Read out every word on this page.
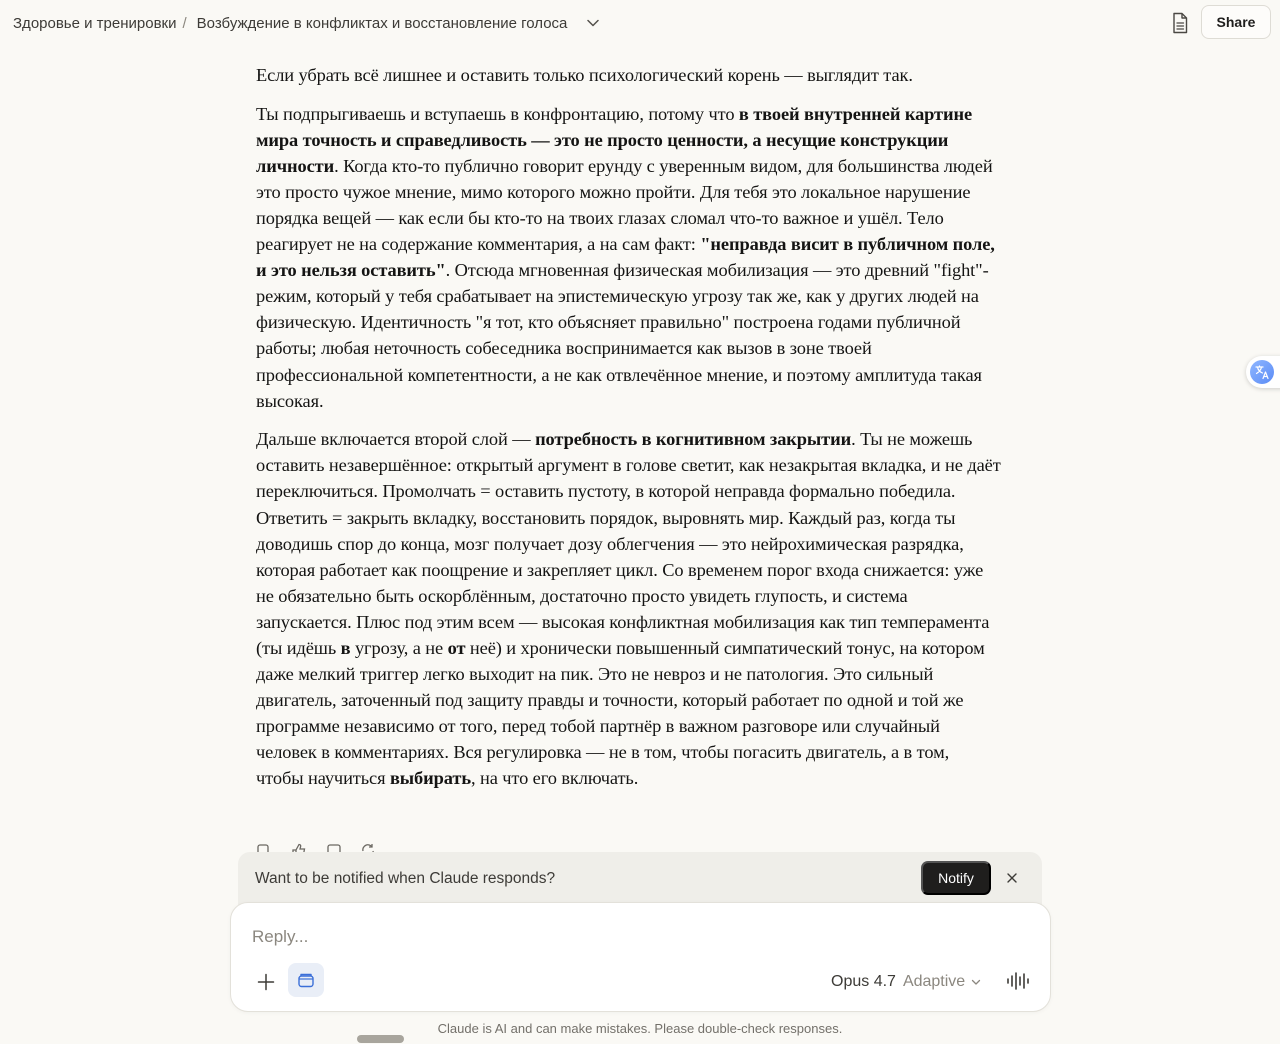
Здоровье и тренировки / Возбуждение в конфликтах и восстановление голоса	Share

Если убрать всё лишнее и оставить только психологический корень — выглядит так.

Ты подпрыгиваешь и вступаешь в конфронтацию, потому что в твоей внутренней картине мира точность и справедливость — это не просто ценности, а несущие конструкции личности. Когда кто-то публично говорит ерунду с уверенным видом, для большинства людей это просто чужое мнение, мимо которого можно пройти. Для тебя это локальное нарушение порядка вещей — как если бы кто-то на твоих глазах сломал что-то важное и ушёл. Тело реагирует не на содержание комментария, а на сам факт: "неправда висит в публичном поле, и это нельзя оставить". Отсюда мгновенная физическая мобилизация — это древний "fight"-режим, который у тебя срабатывает на эпистемическую угрозу так же, как у других людей на физическую. Идентичность "я тот, кто объясняет правильно" построена годами публичной работы; любая неточность собеседника воспринимается как вызов в зоне твоей профессиональной компетентности, а не как отвлечённое мнение, и поэтому амплитуда такая высокая.

Дальше включается второй слой — потребность в когнитивном закрытии. Ты не можешь оставить незавершённое: открытый аргумент в голове светит, как незакрытая вкладка, и не даёт переключиться. Промолчать = оставить пустоту, в которой неправда формально победила. Ответить = закрыть вкладку, восстановить порядок, выровнять мир. Каждый раз, когда ты доводишь спор до конца, мозг получает дозу облегчения — это нейрохимическая разрядка, которая работает как поощрение и закрепляет цикл. Со временем порог входа снижается: уже не обязательно быть оскорблённым, достаточно просто увидеть глупость, и система запускается. Плюс под этим всем — высокая конфликтная мобилизация как тип темперамента (ты идёшь в угрозу, а не от неё) и хронически повышенный симпатический тонус, на котором даже мелкий триггер легко выходит на пик. Это не невроз и не патология. Это сильный двигатель, заточенный под защиту правды и точности, который работает по одной и той же программе независимо от того, перед тобой партнёр в важном разговоре или случайный человек в комментариях. Вся регулировка — не в том, чтобы погасить двигатель, а в том, чтобы научиться выбирать, на что его включать.

Want to be notified when Claude responds?	Notify
Reply...
Opus 4.7 Adaptive
Claude is AI and can make mistakes. Please double-check responses.
